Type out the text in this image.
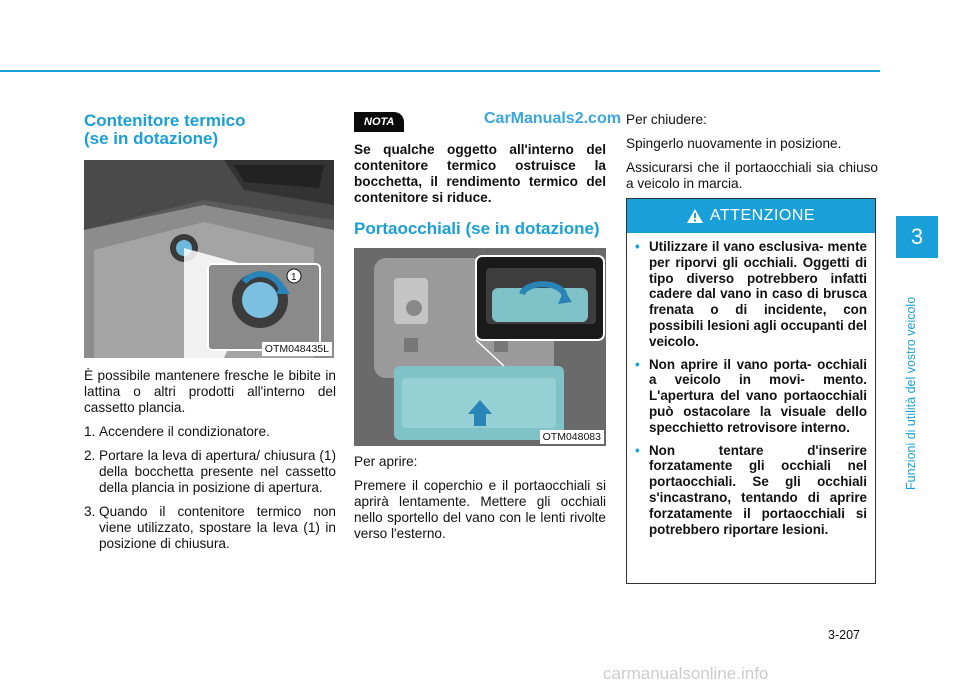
Contenitore termico
(se in dotazione)
1
OTM048435L

È possibile mantenere fresche le bibite in lattina o altri prodotti all'interno del cassetto plancia.

1. Accendere il condizionatore.
2. Portare la leva di apertura/ chiusura (1) della bocchetta presente nel cassetto della plancia in posizione di apertura.
3. Quando il contenitore termico non viene utilizzato, spostare la leva (1) in posizione di chiusura.
NOTA

Se qualche oggetto all'interno del contenitore termico ostruisce la bocchetta, il rendimento termico del contenitore si riduce.

Portaocchiali (se in dotazione)
OTM048083

Per aprire:

Premere il coperchio e il portaocchiali si aprirà lentamente. Mettere gli occhiali nello sportello del vano con le lenti rivolte verso l'esterno.

CarManuals2.com Per chiudere:

Spingerlo nuovamente in posizione.

Assicurarsi che il portaocchiali sia chiuso a veicolo in marcia.

ATTENZIONE
• Utilizzare il vano esclusiva- mente per riporvi gli occhiali. Oggetti di tipo diverso potrebbero infatti cadere dal vano in caso di brusca frenata o di incidente, con possibili lesioni agli occupanti del veicolo.
• Non aprire il vano porta- occhiali a veicolo in movi- mento. L'apertura del vano portaocchiali può ostacolare la visuale dello specchietto retrovisore interno.
• Non tentare d'inserire forzatamente gli occhiali nel portaocchiali. Se gli occhiali s'incastrano, tentando di aprire forzatamente il portaocchiali si potrebbero riportare lesioni.
3
Funzioni di utilità del vostro veicolo
3-207
carmanualsonline.info
